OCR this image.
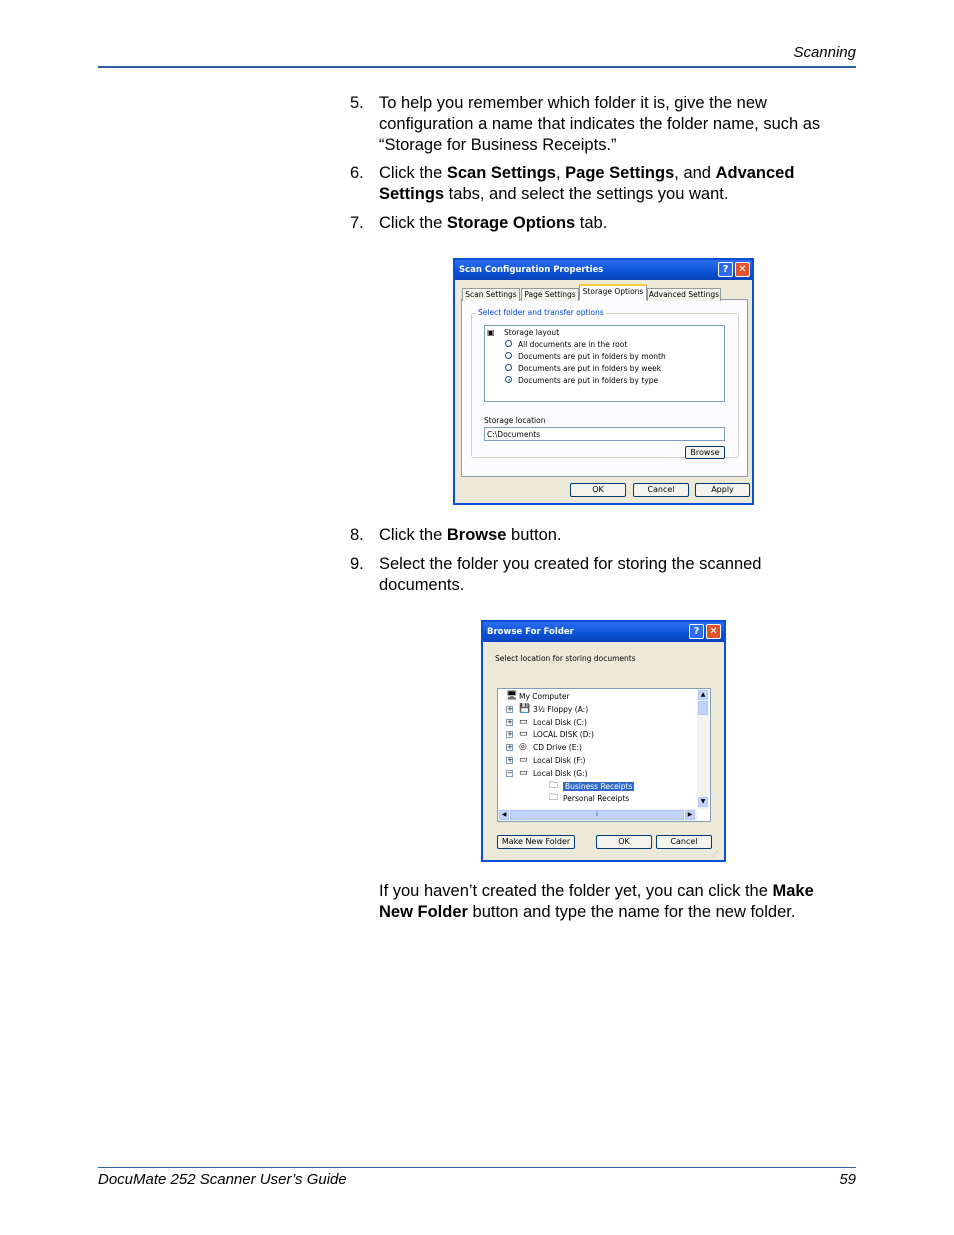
Scanning
5. To help you remember which folder it is, give the new configuration a name that indicates the folder name, such as “Storage for Business Receipts.”
6. Click the Scan Settings, Page Settings, and Advanced Settings tabs, and select the settings you want.
7. Click the Storage Options tab.
Scan Configuration Properties	? ✕
Select folder and transfer options
▣ Storage layout
All documents are in the root
Documents are put in folders by month
Documents are put in folders by week
Documents are put in folders by type
Storage location
C:\Documents
Browse
Scan Settings	Page Settings Storage Options Advanced Settings
OK	Cancel	Apply
8. Click the Browse button.
9. Select the folder you created for storing the scanned documents.
Browse For Folder	? ✕
Select location for storing documents
🖥 My Computer
+ 💾 3½ Floppy (A:)
+ ▭ Local Disk (C:)
+ ▭ LOCAL DISK (D:)
+ ◎ CD Drive (E:)
+ ▭ Local Disk (F:)
− ▭ Local Disk (G:)
🗀 Business Receipts
🗀 Personal Receipts
▲
▼
◀	⁞	▶
Make New Folder	OK	Cancel
⋰
If you haven’t created the folder yet, you can click the Make New Folder button and type the name for the new folder.
DocuMate 252 Scanner User’s Guide	59
